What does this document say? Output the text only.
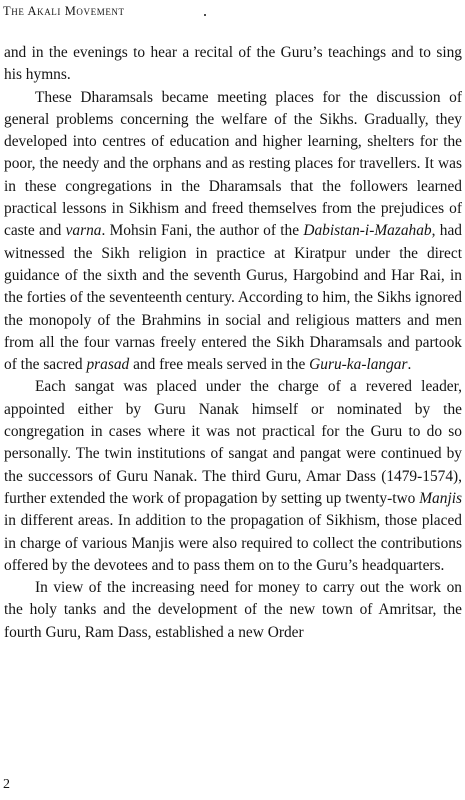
The Akali Movement

and in the evenings to hear a recital of the Guru’s teachings and to sing his hymns.

These Dharamsals became meeting places for the discussion of general problems concerning the welfare of the Sikhs. Gradually, they developed into centres of education and higher learning, shelters for the poor, the needy and the orphans and as resting places for travellers. It was in these congregations in the Dharamsals that the followers learned practical lessons in Sikhism and freed themselves from the prejudices of caste and varna. Mohsin Fani, the author of the Dabistan-i-Mazahab, had witnessed the Sikh religion in practice at Kiratpur under the direct guidance of the sixth and the seventh Gurus, Hargobind and Har Rai, in the forties of the seventeenth century. According to him, the Sikhs ignored the monopoly of the Brahmins in social and religious matters and men from all the four varnas freely entered the Sikh Dharamsals and partook of the sacred prasad and free meals served in the Guru-ka-langar.

Each sangat was placed under the charge of a revered leader, appointed either by Guru Nanak himself or nominated by the congregation in cases where it was not practical for the Guru to do so personally. The twin institutions of sangat and pangat were continued by the successors of Guru Nanak. The third Guru, Amar Dass (1479-1574), further extended the work of propagation by setting up twenty-two Manjis in different areas. In addition to the propagation of Sikhism, those placed in charge of various Manjis were also required to collect the contributions offered by the devotees and to pass them on to the Guru’s headquarters.

In view of the increasing need for money to carry out the work on the holy tanks and the development of the new town of Amritsar, the fourth Guru, Ram Dass, established a new Order

2
